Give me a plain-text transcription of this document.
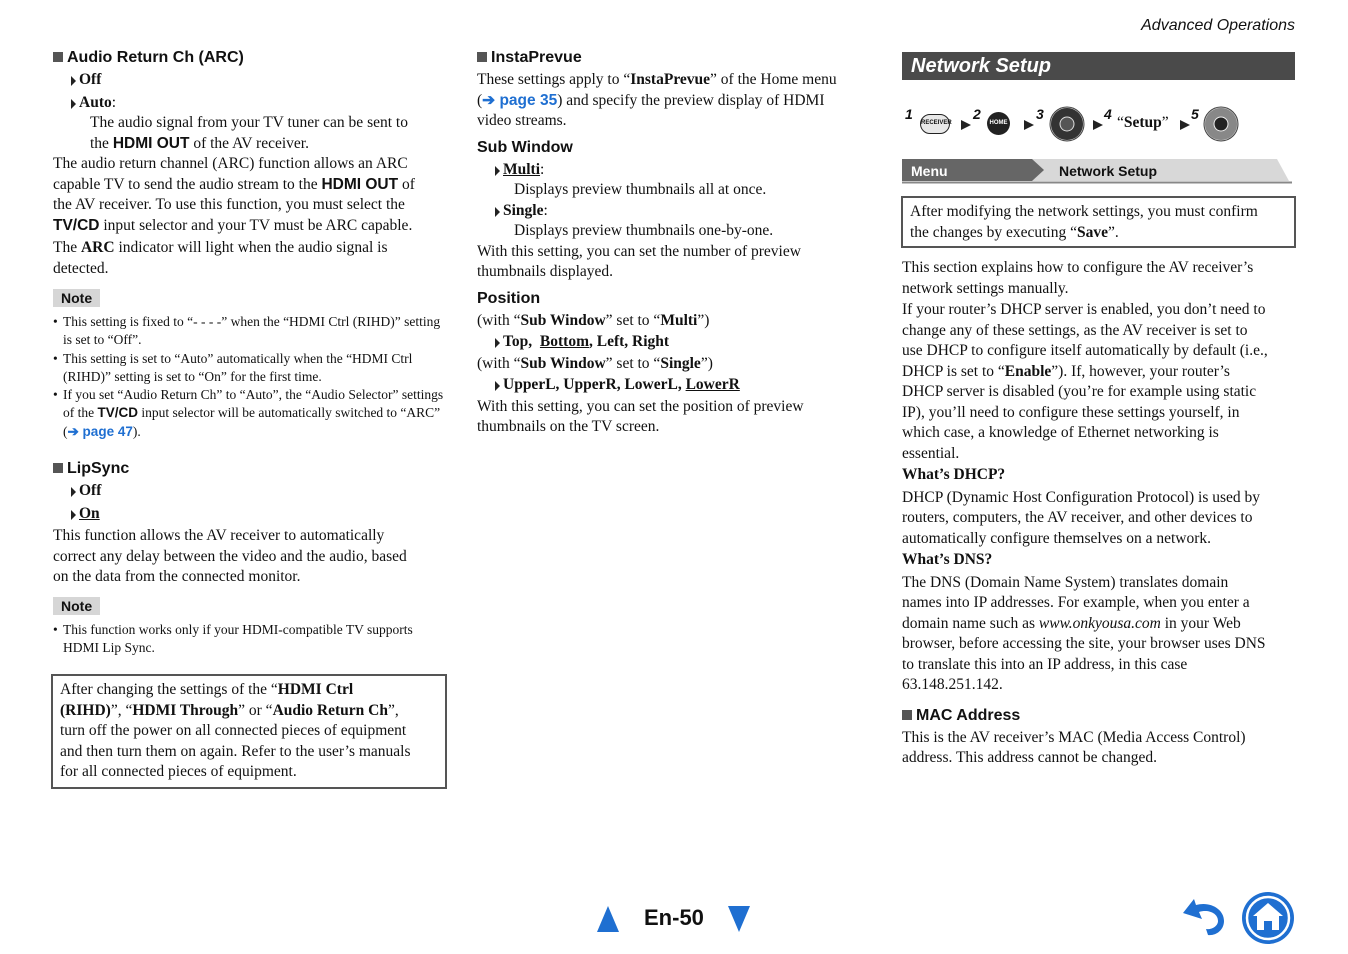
Advanced Operations
Audio Return Ch (ARC)
Off
Auto:

The audio signal from your TV tuner can be sent to
the HDMI OUT of the AV receiver.

The audio return channel (ARC) function allows an ARC
capable TV to send the audio stream to the HDMI OUT of
the AV receiver. To use this function, you must select the
TV/CD input selector and your TV must be ARC capable.

The ARC indicator will light when the audio signal is
detected.

Note
• This setting is fixed to “- - - -” when the “HDMI Ctrl (RIHD)” setting is set to “Off”.
• This setting is set to “Auto” automatically when the “HDMI Ctrl (RIHD)” setting is set to “On” for the first time.
• If you set “Audio Return Ch” to “Auto”, the “Audio Selector” settings of the TV/CD input selector will be automatically switched to “ARC” (➔ page 47).
LipSync
Off
On

This function allows the AV receiver to automatically
correct any delay between the video and the audio, based
on the data from the connected monitor.

Note
• This function works only if your HDMI-compatible TV supports HDMI Lip Sync.

After changing the settings of the “HDMI Ctrl
(RIHD)”, “HDMI Through” or “Audio Return Ch”,
turn off the power on all connected pieces of equipment
and then turn them on again. Refer to the user’s manuals
for all connected pieces of equipment.

InstaPrevue

These settings apply to “InstaPrevue” of the Home menu
(➔ page 35) and specify the preview display of HDMI
video streams.

Sub Window
Multi:

Displays preview thumbnails all at once.

Single:

Displays preview thumbnails one-by-one.

With this setting, you can set the number of preview
thumbnails displayed.

Position

(with “Sub Window” set to “Multi”)

Top,  Bottom, Left, Right

(with “Sub Window” set to “Single”)

UpperL, UpperR, LowerL, LowerR

With this setting, you can set the position of preview
thumbnails on the TV screen.

Network Setup
1
RECEIVER
2
HOME
3	4 “Setup” 5
Menu	Network Setup

After modifying the network settings, you must confirm
the changes by executing “Save”.

This section explains how to configure the AV receiver’s
network settings manually.

If your router’s DHCP server is enabled, you don’t need to
change any of these settings, as the AV receiver is set to
use DHCP to configure itself automatically by default (i.e.,
DHCP is set to “Enable”). If, however, your router’s
DHCP server is disabled (you’re for example using static
IP), you’ll need to configure these settings yourself, in
which case, a knowledge of Ethernet networking is
essential.

What’s DHCP?

DHCP (Dynamic Host Configuration Protocol) is used by
routers, computers, the AV receiver, and other devices to
automatically configure themselves on a network.

What’s DNS?

The DNS (Domain Name System) translates domain
names into IP addresses. For example, when you enter a
domain name such as www.onkyousa.com in your Web
browser, before accessing the site, your browser uses DNS
to translate this into an IP address, in this case
63.148.251.142.

MAC Address

This is the AV receiver’s MAC (Media Access Control)
address. This address cannot be changed.

En-50
